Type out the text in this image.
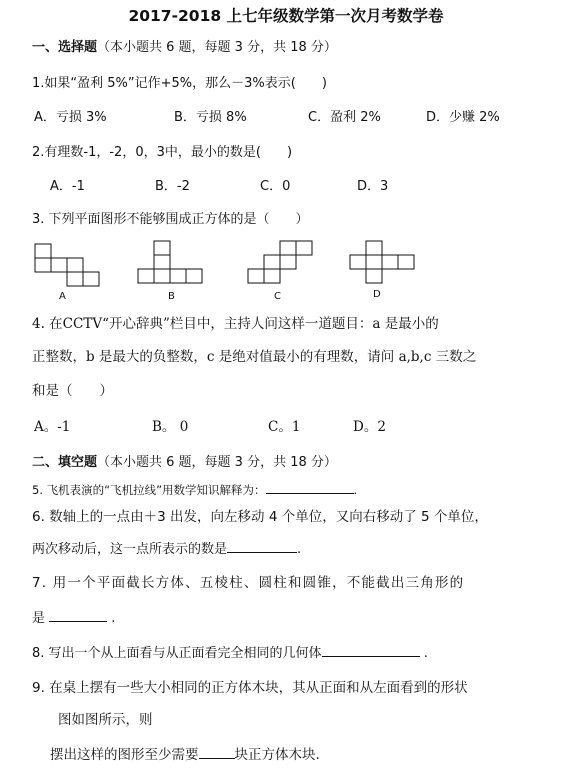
2017-2018 上七年级数学第一次月考数学卷
一、选择题（本小题共 6 题，每题 3 分，共 18 分）
1.如果“盈利 5%”记作+5%，那么－3%表示(　　)
A．亏损 3%	B．亏损 8%	C．盈利 2%	D．少赚 2%
2.有理数-1，-2，0，3中，最小的数是(　　)
A．-1	B．-2	C．0	D．3
3. 下列平面图形不能够围成正方体的是（　　）
A	B	C	D
4. 在CCTV“开心辞典”栏目中，主持人问这样一道题目：a 是最小的
正整数，b 是最大的负整数，c 是绝对值最小的有理数，请问 a,b,c 三数之
和是（　　）
A。-1	B。 0	C。1	D。2
二、填空题（本小题共 6 题，每题 3 分，共 18 分）
5. 飞机表演的“飞机拉线”用数学知识解释为：	.
6. 数轴上的一点由＋3 出发，向左移动 4 个单位，又向右移动了 5 个单位，
两次移动后，这一点所表示的数是	.
7. 用一个平面截长方体、五棱柱、圆柱和圆锥，不能截出三角形的
是	.
8. 写出一个从上面看与从正面看完全相同的几何体	.
9. 在桌上摆有一些大小相同的正方体木块，其从正面和从左面看到的形状
图如图所示，则
摆出这样的图形至少需要	块正方体木块.
